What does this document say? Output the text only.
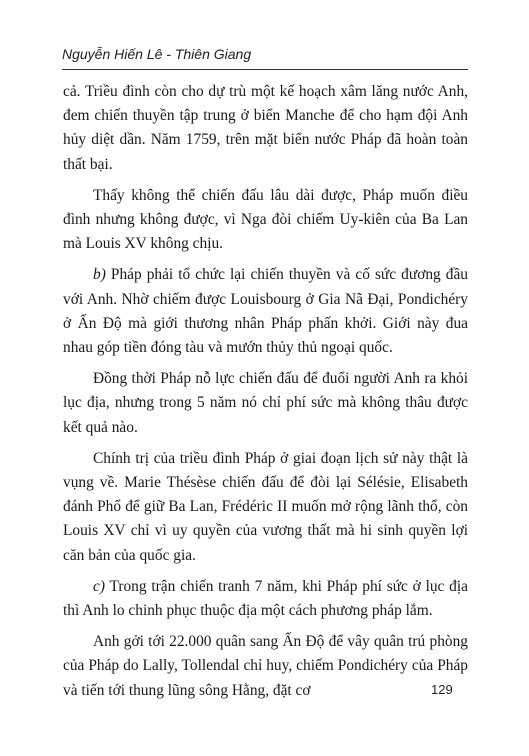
Nguyễn Hiến Lê - Thiên Giang

cả. Triều đình còn cho dự trù một kế hoạch xâm lăng nước Anh, đem chiến thuyền tập trung ở biển Manche để cho hạm đội Anh hủy diệt dần. Năm 1759, trên mặt biển nước Pháp đã hoàn toàn thất bại.

Thấy không thể chiến đấu lâu dài được, Pháp muốn điều đình nhưng không được, vì Nga đòi chiếm Uy-kiên của Ba Lan mà Louis XV không chịu.

b) Pháp phải tổ chức lại chiến thuyền và cố sức đương đầu với Anh. Nhờ chiếm được Louisbourg ở Gia Nã Đại, Pondichéry ở Ấn Độ mà giới thương nhân Pháp phấn khởi. Giới này đua nhau góp tiền đóng tàu và mướn thủy thủ ngoại quốc.

Đồng thời Pháp nỗ lực chiến đấu để đuổi người Anh ra khỏi lục địa, nhưng trong 5 năm nó chỉ phí sức mà không thâu được kết quả nào.

Chính trị của triều đình Pháp ở giai đoạn lịch sử này thật là vụng về. Marie Thésèse chiến đấu để đòi lại Sélésie, Elisabeth đánh Phổ để giữ Ba Lan, Frédéric II muốn mở rộng lãnh thổ, còn Louis XV chỉ vì uy quyền của vương thất mà hi sinh quyền lợi căn bản của quốc gia.

c) Trong trận chiến tranh 7 năm, khi Pháp phí sức ở lục địa thì Anh lo chinh phục thuộc địa một cách phương pháp lắm.

Anh gởi tới 22.000 quân sang Ấn Độ để vây quân trú phòng của Pháp do Lally, Tollendal chỉ huy, chiếm Pondichéry của Pháp và tiến tới thung lũng sông Hằng, đặt cơ	129
